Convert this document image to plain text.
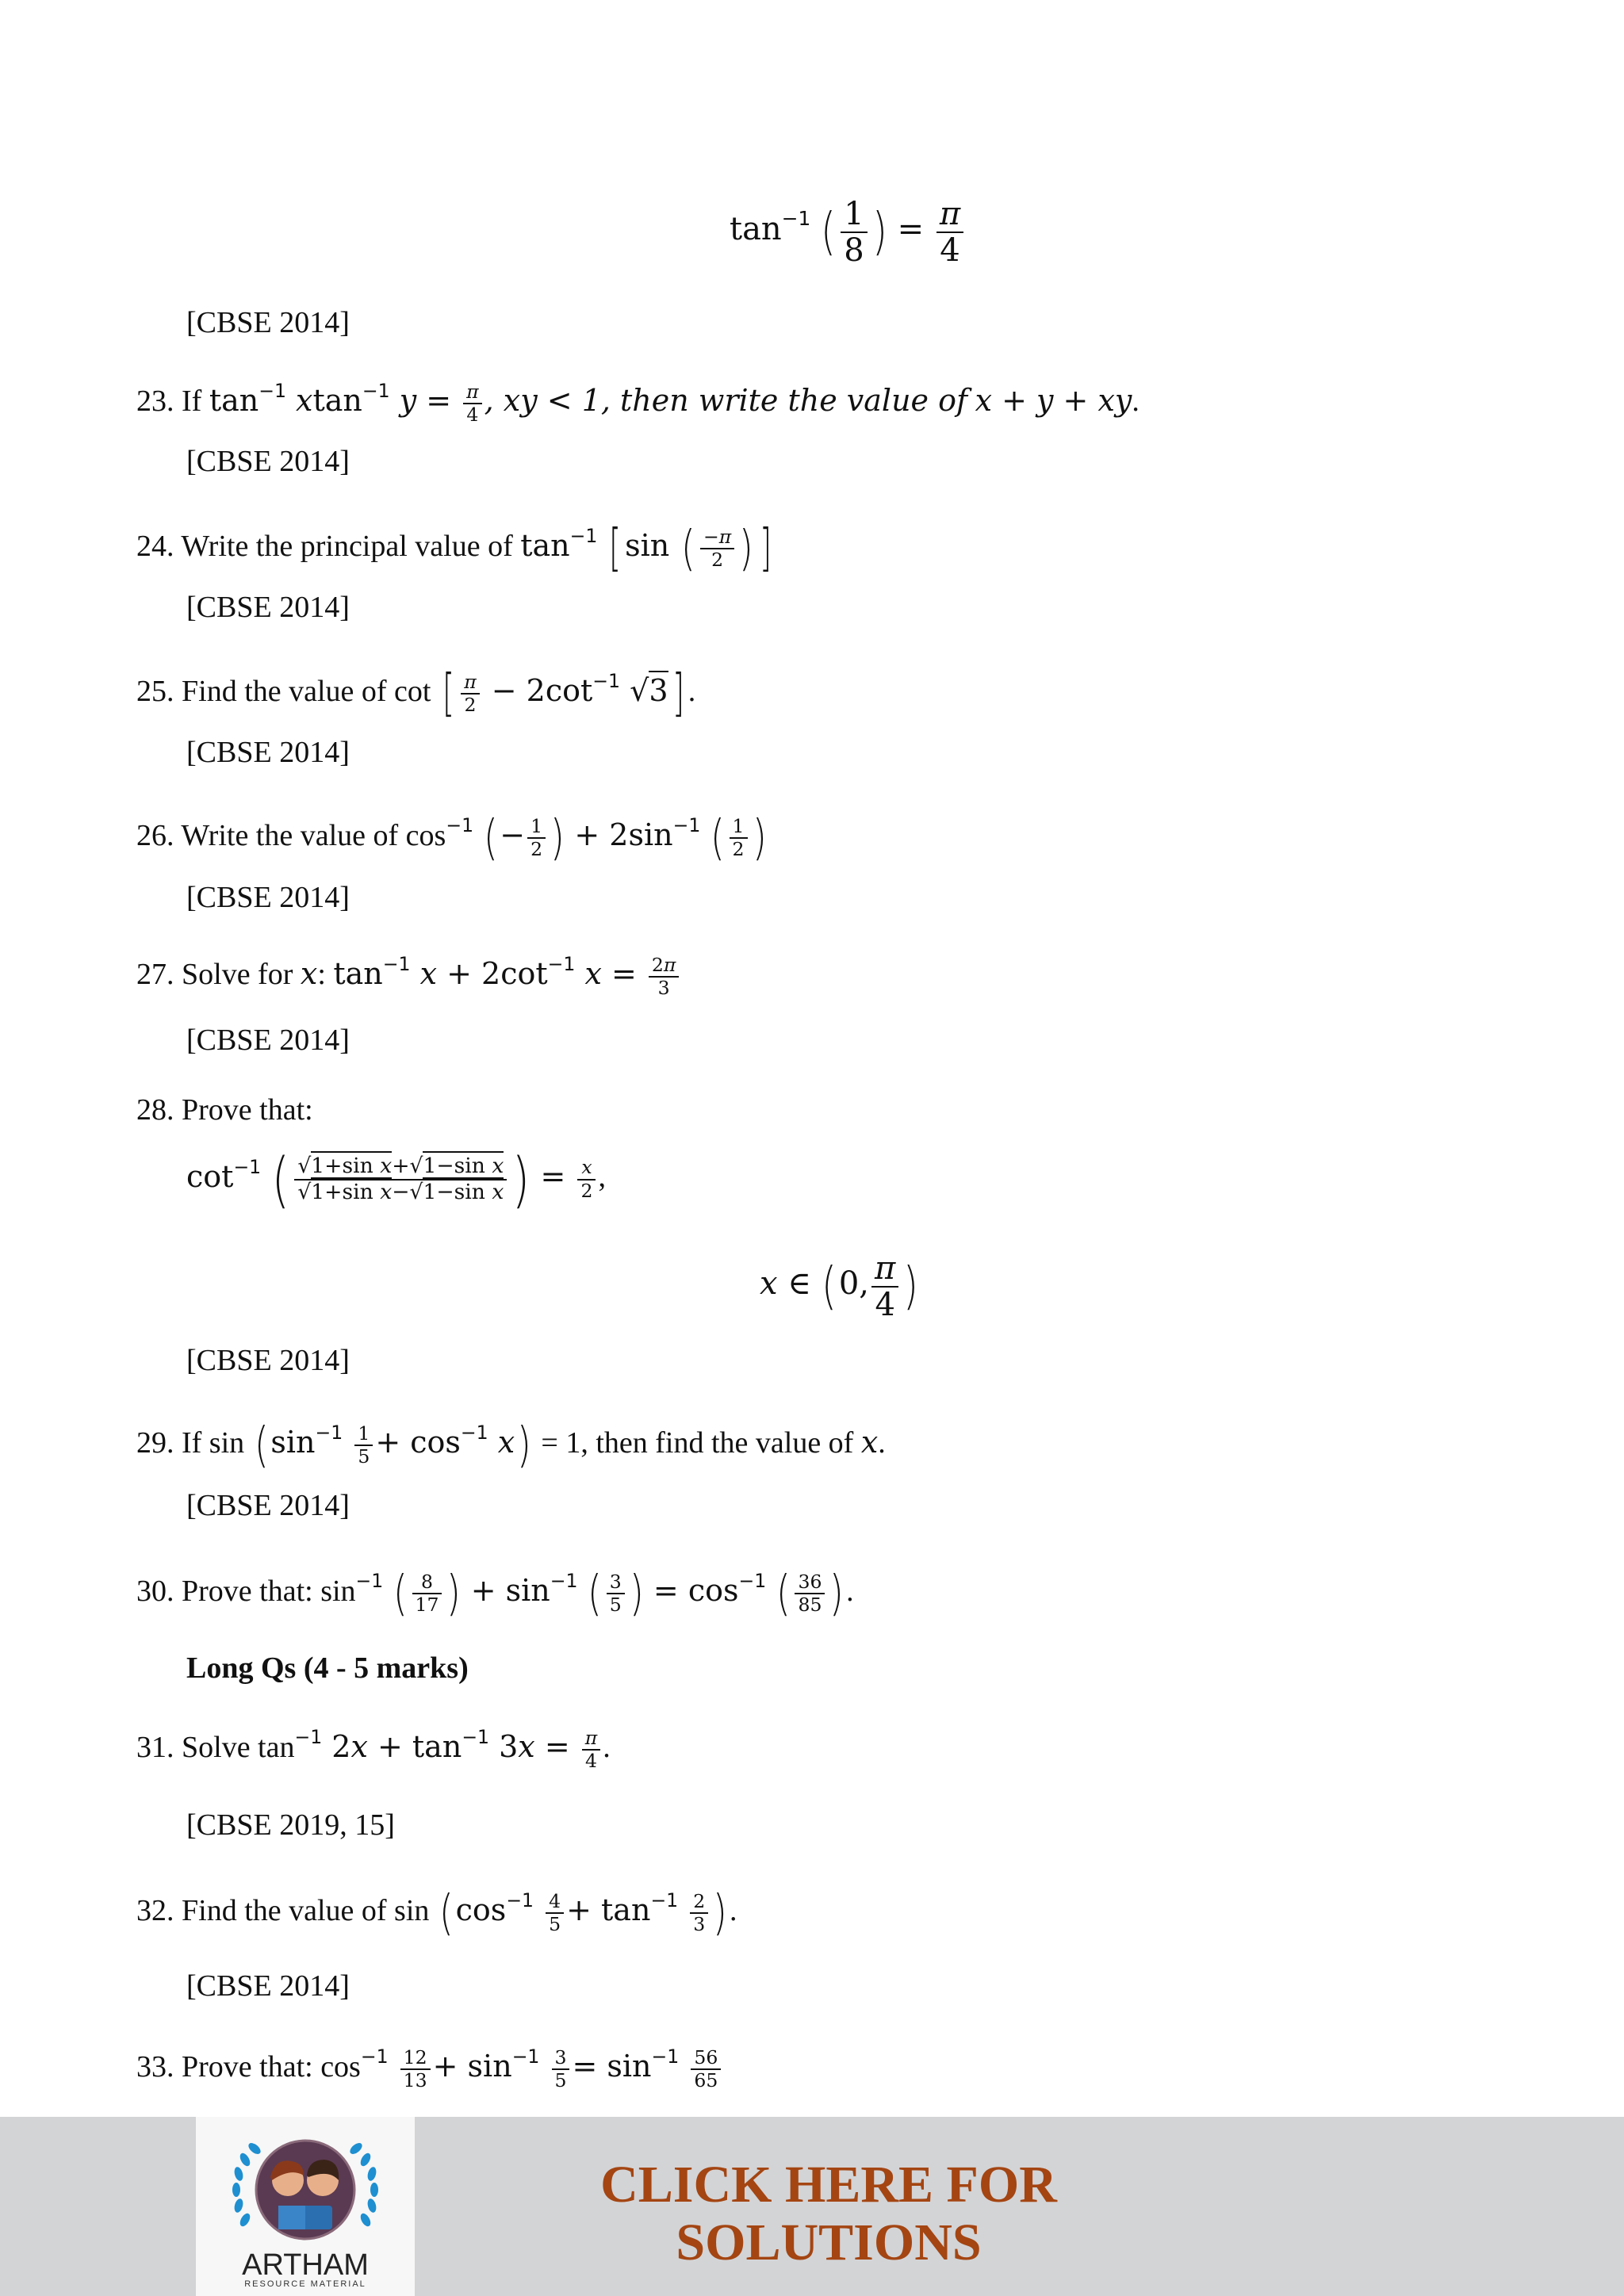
$\tan^{-1}$ ( $\frac{1}{8}$ ) = $\frac{\pi}{4}$
[CBSE 2014]
23. If $\tan^{-1} xtan^{-1}$ $y = \frac{\pi}{4}$ , xy < 1, then write the value of x + y + xy.
[CBSE 2014]
24. Write the principal value of $\tan^{-1}$ [ sin ( $\frac{-\pi}{2}$ ) ]
[CBSE 2014]
25. Find the value of cot [ $\frac{\pi}{2} - 2\cot^{-1}$ √3] .
[CBSE 2014]
26. Write the value of $\cos^{-1}$ (− $\frac{1}{2}$ ) + $2\sin^{-1}$ ( $\frac{1}{2}$ )
[CBSE 2014]
27. Solve for x: $\tan^{-1} x + 2\cot^{-1}$ $x = \frac{2\pi}{3}$
[CBSE 2014]
28. Prove that:
$\cot^{-1}$ ( $\frac{\text{√1+sin x+√1−sin x}}{\text{√1+sin x−√1−sin x}}$ ) = $\frac{x}{2}$ ,
x ∈ (0, $\frac{\pi}{4}$ )
[CBSE 2014]
29. If $\sin (\sin^{-1} \frac{1}{5} + \cos^{-1} x) = 1$, then find the value of x.
[CBSE 2014]
30. Prove that: $\sin^{-1}$ ( $\frac{8}{17}$ ) + $\sin^{-1}$ ( $\frac{3}{5}$ ) = $\cos^{-1}$ ( $\frac{36}{85}$ ).
Long Qs (4 - 5 marks)
31. Solve $\tan^{-1} 2x + \tan^{-1} 3x = \frac{\pi}{4}$ .
[CBSE 2019, 15]
32. Find the value of $\sin (\cos^{-1} \frac{4}{5} + \tan^{-1} \frac{2}{3}$ ).
[CBSE 2014]
33. Prove that: $\cos^{-1} \frac{12}{13} + \sin^{-1} \frac{3}{5} = \sin^{-1} \frac{56}{65}$
ARTHAM
RESOURCE MATERIAL
CLICK HERE FOR
SOLUTIONS
